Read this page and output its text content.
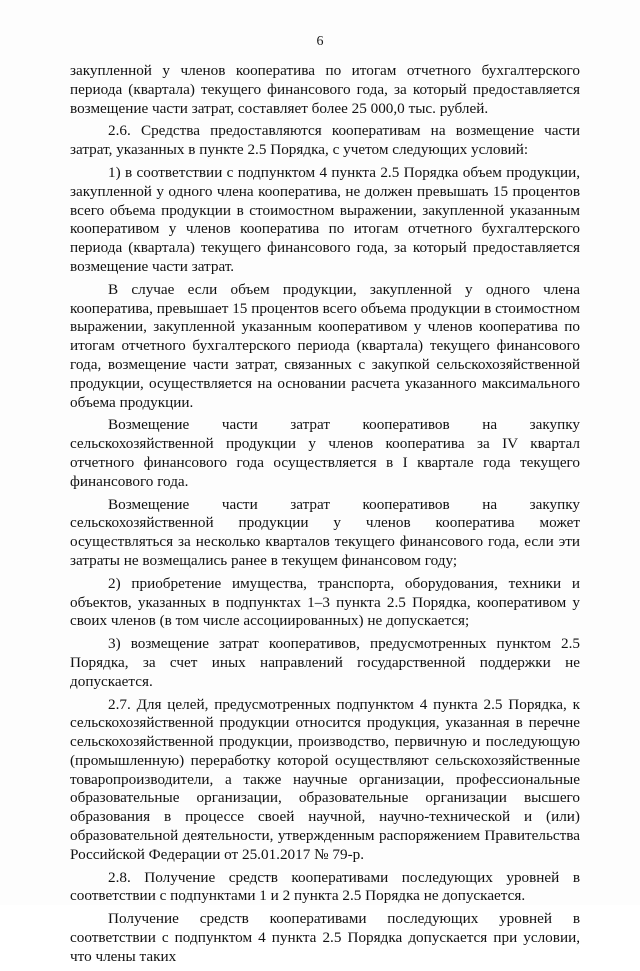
6

закупленной у членов кооператива по итогам отчетного бухгалтерского периода (квартала) текущего финансового года, за который предоставляется возмещение части затрат, составляет более 25 000,0 тыс. рублей.

2.6. Средства предоставляются кооперативам на возмещение части затрат, указанных в пункте 2.5 Порядка, с учетом следующих условий:

1) в соответствии с подпунктом 4 пункта 2.5 Порядка объем продукции, закупленной у одного члена кооператива, не должен превышать 15 процентов всего объема продукции в стоимостном выражении, закупленной указанным кооперативом у членов кооператива по итогам отчетного бухгалтерского периода (квартала) текущего финансового года, за который предоставляется возмещение части затрат.

В случае если объем продукции, закупленной у одного члена кооператива, превышает 15 процентов всего объема продукции в стоимостном выражении, закупленной указанным кооперативом у членов кооператива по итогам отчетного бухгалтерского периода (квартала) текущего финансового года, возмещение части затрат, связанных с закупкой сельскохозяйственной продукции, осуществляется на основании расчета указанного максимального объема продукции.

Возмещение части затрат кооперативов на закупку сельскохозяйственной продукции у членов кооператива за IV квартал отчетного финансового года осуществляется в I квартале года текущего финансового года.

Возмещение части затрат кооперативов на закупку сельскохозяйственной продукции у членов кооператива может осуществляться за несколько кварталов текущего финансового года, если эти затраты не возмещались ранее в текущем финансовом году;

2) приобретение имущества, транспорта, оборудования, техники и объектов, указанных в подпунктах 1–3 пункта 2.5 Порядка, кооперативом у своих членов (в том числе ассоциированных) не допускается;

3) возмещение затрат кооперативов, предусмотренных пунктом 2.5 Порядка, за счет иных направлений государственной поддержки не допускается.

2.7. Для целей, предусмотренных подпунктом 4 пункта 2.5 Порядка, к сельскохозяйственной продукции относится продукция, указанная в перечне сельскохозяйственной продукции, производство, первичную и последующую (промышленную) переработку которой осуществляют сельскохозяйственные товаропроизводители, а также научные организации, профессиональные образовательные организации, образовательные организации высшего образования в процессе своей научной, научно-технической и (или) образовательной деятельности, утвержденным распоряжением Правительства Российской Федерации от 25.01.2017 № 79-р.

2.8. Получение средств кооперативами последующих уровней в соответствии с подпунктами 1 и 2 пункта 2.5 Порядка не допускается.

Получение средств кооперативами последующих уровней в соответствии с подпунктом 4 пункта 2.5 Порядка допускается при условии, что члены таких
